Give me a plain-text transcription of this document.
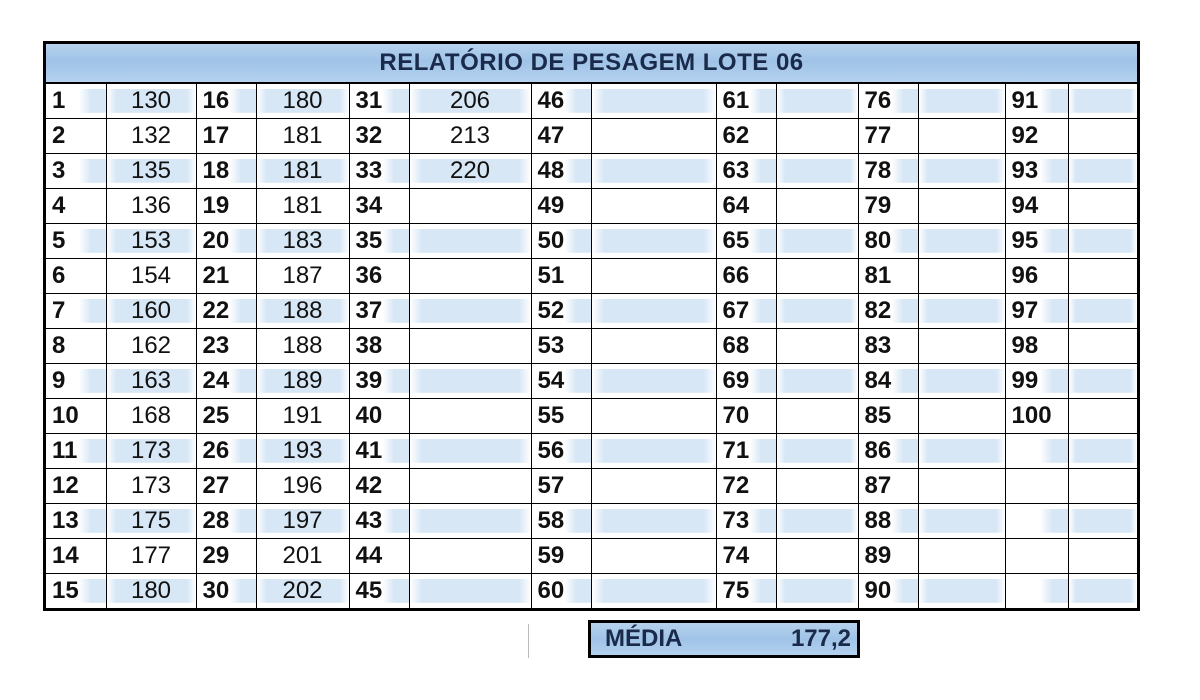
RELATÓRIO DE PESAGEM LOTE 06
1	130	16	180	31	206	46		61		76		91	
2	132	17	181	32	213	47		62		77		92	
3	135	18	181	33	220	48		63		78		93	
4	136	19	181	34		49		64		79		94	
5	153	20	183	35		50		65		80		95	
6	154	21	187	36		51		66		81		96	
7	160	22	188	37		52		67		82		97	
8	162	23	188	38		53		68		83		98	
9	163	24	189	39		54		69		84		99	
10	168	25	191	40		55		70		85		100	
11	173	26	193	41		56		71		86			
12	173	27	196	42		57		72		87			
13	175	28	197	43		58		73		88			
14	177	29	201	44		59		74		89			
15	180	30	202	45		60		75		90			
MÉDIA	177,2
